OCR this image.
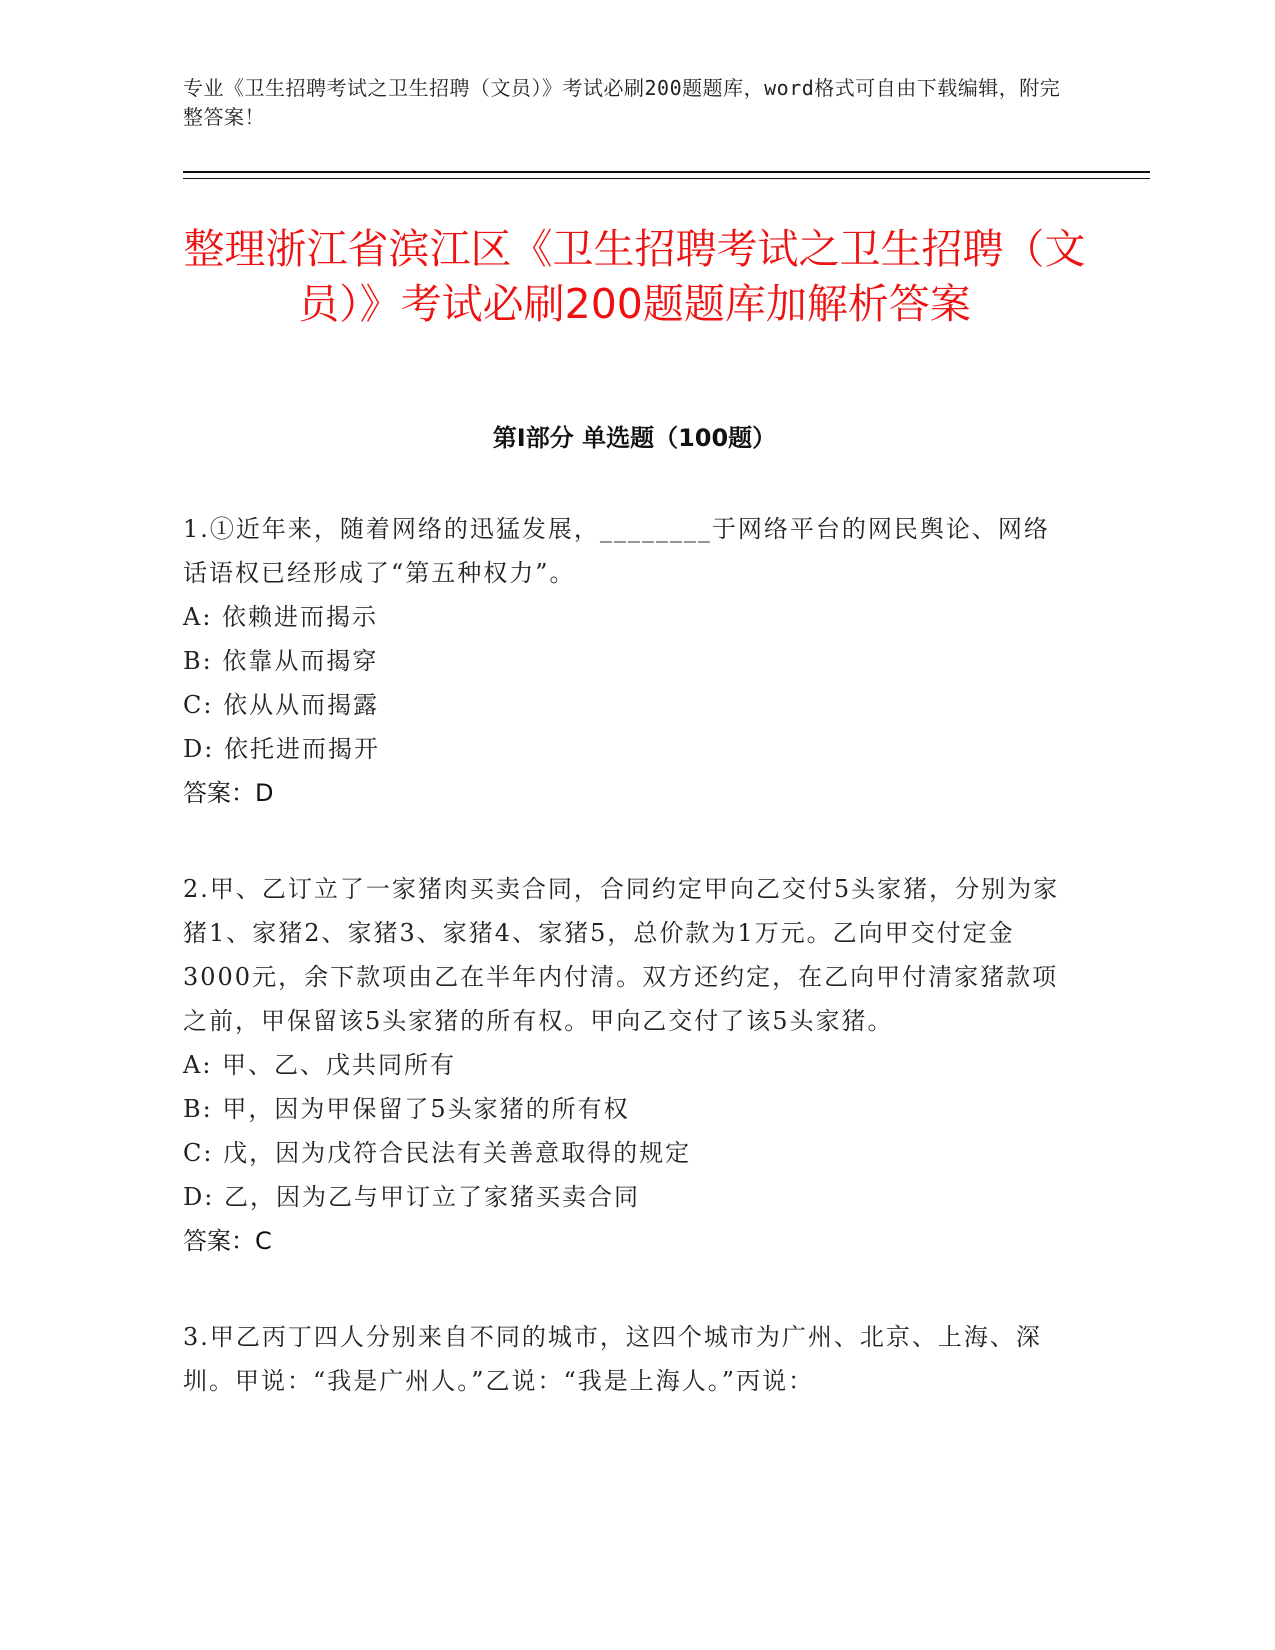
专业《卫生招聘考试之卫生招聘（文员）》考试必刷200题题库，word格式可自由下载编辑，附完整答案！
整理浙江省滨江区《卫生招聘考试之卫生招聘（文员）》考试必刷200题题库加解析答案
第Ⅰ部分 单选题（100题）

1.①近年来，随着网络的迅猛发展，________于网络平台的网民舆论、网络话语权已经形成了“第五种权力”。

A: 依赖进而揭示

B: 依靠从而揭穿

C: 依从从而揭露

D: 依托进而揭开

答案：D

2.甲、乙订立了一家猪肉买卖合同，合同约定甲向乙交付5头家猪，分别为家猪1、家猪2、家猪3、家猪4、家猪5，总价款为1万元。乙向甲交付定金3000元，余下款项由乙在半年内付清。双方还约定，在乙向甲付清家猪款项之前，甲保留该5头家猪的所有权。甲向乙交付了该5头家猪。

A: 甲、乙、戊共同所有

B: 甲，因为甲保留了5头家猪的所有权

C: 戊，因为戊符合民法有关善意取得的规定

D: 乙，因为乙与甲订立了家猪买卖合同

答案：C

3.甲乙丙丁四人分别来自不同的城市，这四个城市为广州、北京、上海、深圳。甲说：“我是广州人。”乙说：“我是上海人。”丙说：
